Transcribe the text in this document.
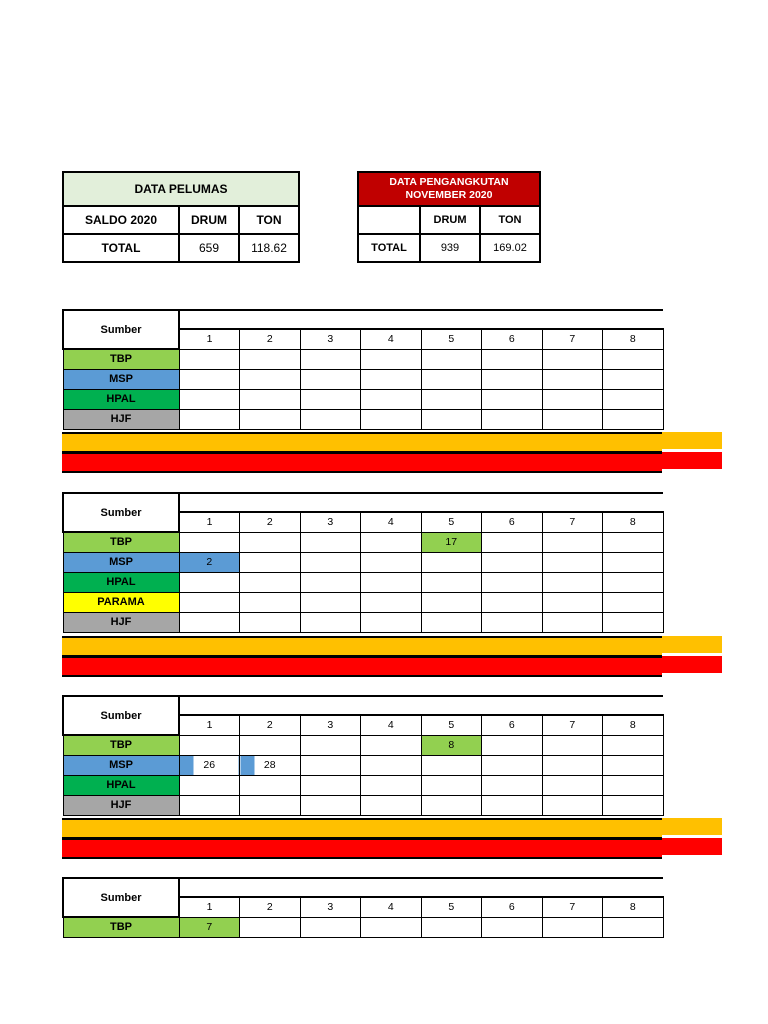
DATA PELUMAS		
SALDO 2020	DRUM	TON
TOTAL	659	118.62
DATA PENGANGKUTAN NOVEMBER 2020		
	DRUM	TON
TOTAL	939	169.02
Sumber								
	1	2	3	4	5	6	7	8
TBP								
MSP								
HPAL								
HJF								
Sumber								
	1	2	3	4	5	6	7	8
TBP					17			
MSP	2							
HPAL								
PARAMA								
HJF								
Sumber								
	1	2	3	4	5	6	7	8
TBP					8			
MSP	26	28						
HPAL								
HJF								
Sumber								
	1	2	3	4	5	6	7	8
TBP	7							
